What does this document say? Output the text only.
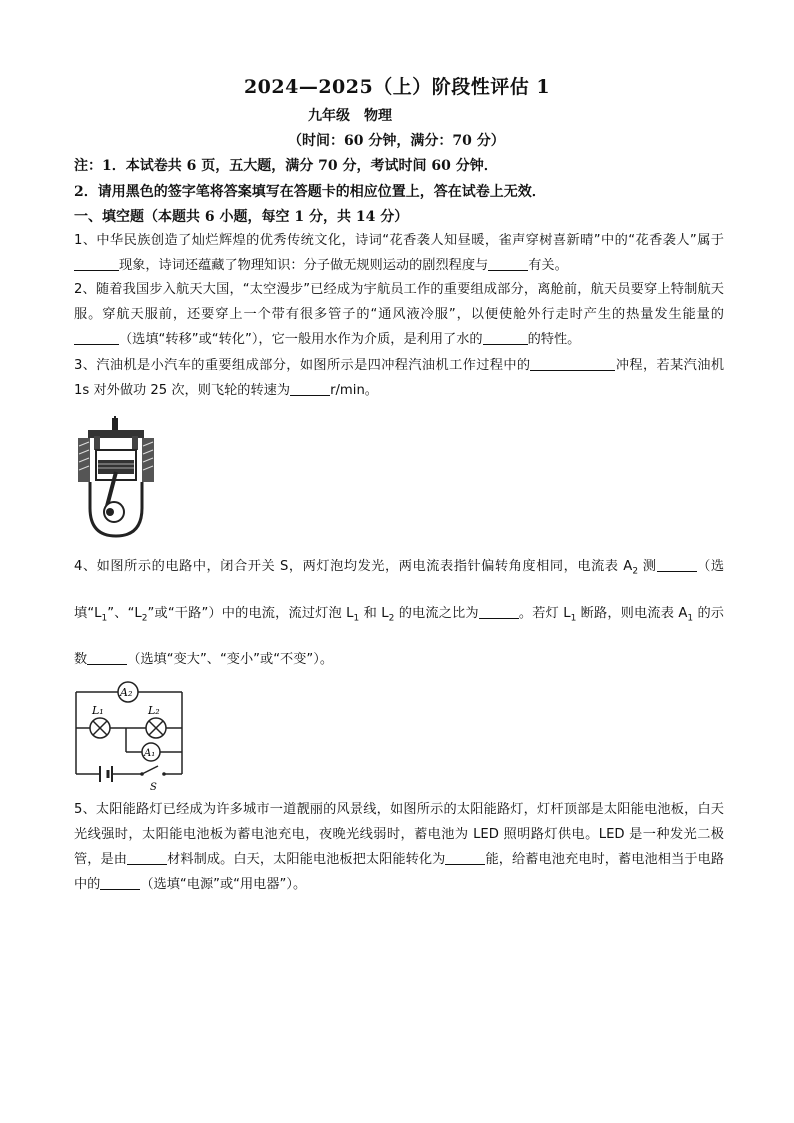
2024—2025（上）阶段性评估 1
九年级　物理
（时间：60 分钟，满分：70 分）
注：1．本试卷共 6 页，五大题，满分 70 分，考试时间 60 分钟．
2．请用黑色的签字笔将答案填写在答题卡的相应位置上，答在试卷上无效．
一、填空题（本题共 6 小题，每空 1 分，共 14 分）
1、中华民族创造了灿烂辉煌的优秀传统文化，诗词“花香袭人知昼暖，雀声穿树喜新晴”中的“花香袭人”属于现象，诗词还蕴藏了物理知识：分子做无规则运动的剧烈程度与	有关。
2、随着我国步入航天大国，“太空漫步”已经成为宇航员工作的重要组成部分，离舱前，航天员要穿上特制航天服。穿航天服前，还要穿上一个带有很多管子的“通风液冷服”，以便使舱外行走时产生的热量发生能量的（选填“转移”或“转化”），它一般用水作为介质，是利用了水的	的特性。
3、汽油机是小汽车的重要组成部分，如图所示是四冲程汽油机工作过程中的	冲程，若某汽油机 1s 对外做功 25 次，则飞轮的转速为	r/min。
4、如图所示的电路中，闭合开关 S，两灯泡均发光，两电流表指针偏转角度相同，电流表 $A_2$ 测	（选填“$L_1$”、“$L_2$”或“干路”）中的电流，流过灯泡 $L_1$ 和 $L_2$ 的电流之比为	。若灯 $L_1$ 断路，则电流表 $A_1$ 的示数	（选填“变大”、“变小”或“不变”）。
A₂
L₁	L₂
A₁
S
5、太阳能路灯已经成为许多城市一道靓丽的风景线，如图所示的太阳能路灯，灯杆顶部是太阳能电池板，白天光线强时，太阳能电池板为蓄电池充电，夜晚光线弱时，蓄电池为 LED 照明路灯供电。LED 是一种发光二极管，是由	材料制成。白天，太阳能电池板把太阳能转化为	能，给蓄电池充电时，蓄电池相当于电路中的	（选填“电源”或“用电器”）。
